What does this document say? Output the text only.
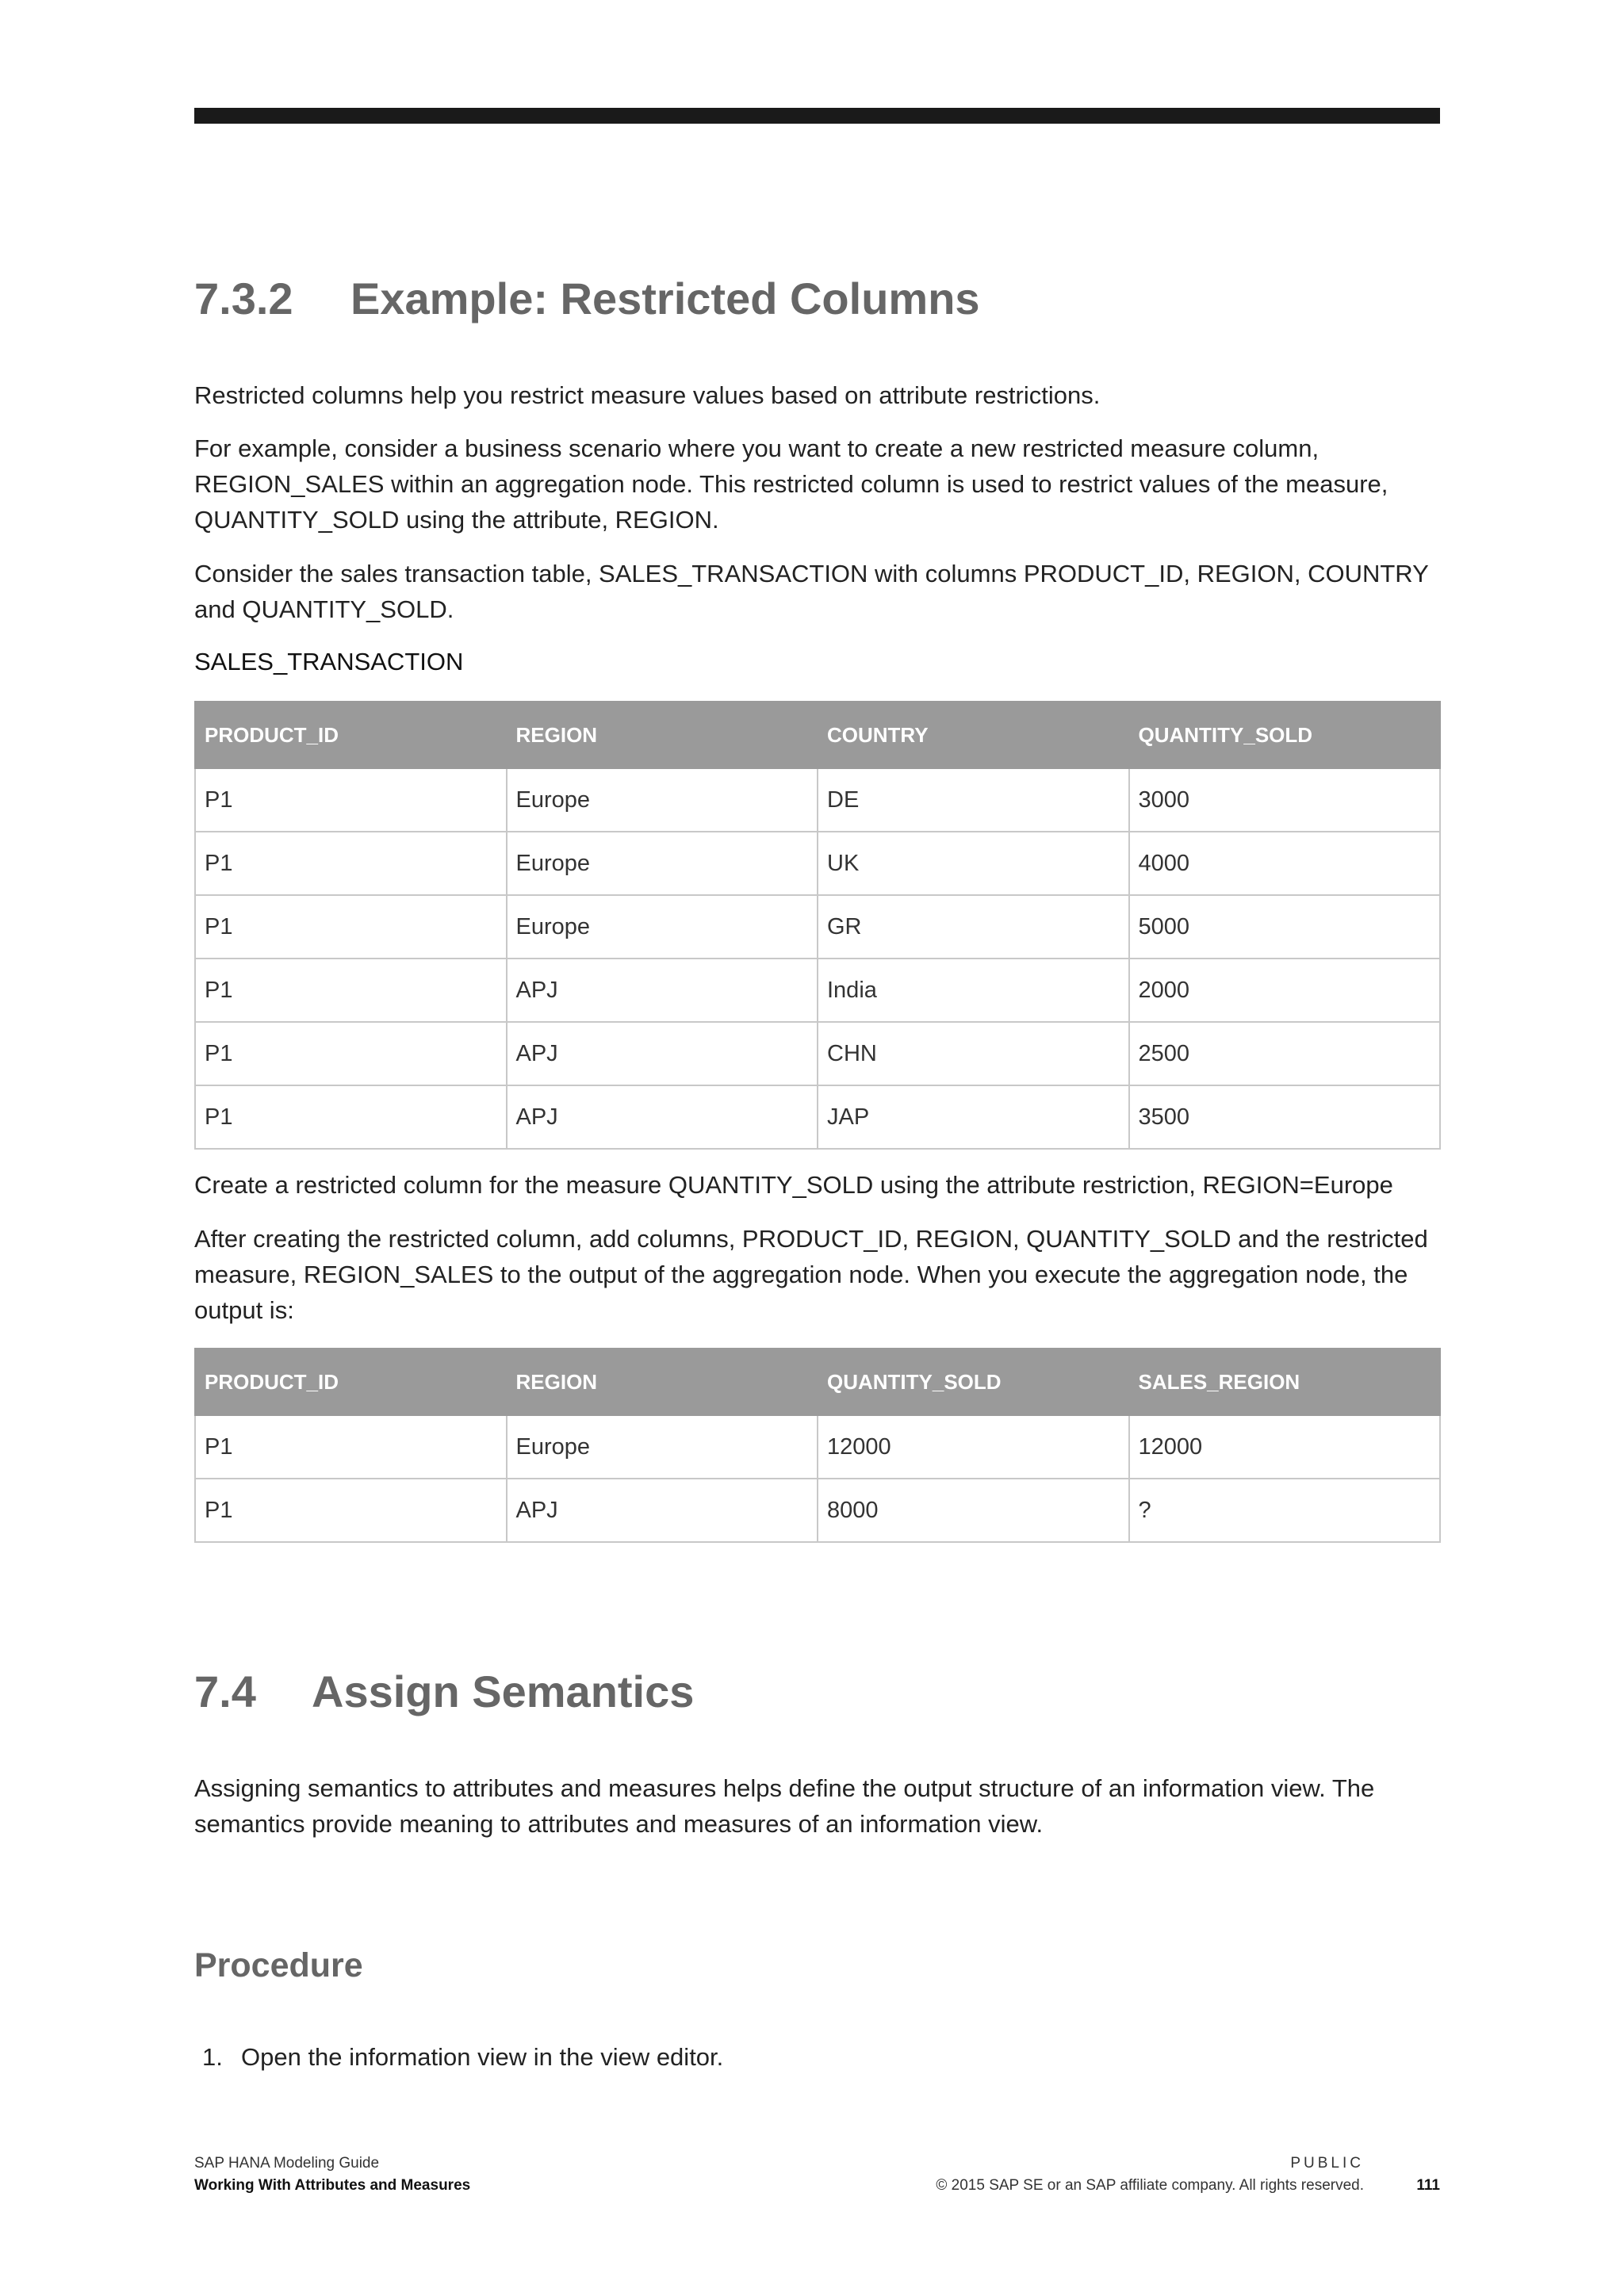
7.3.2 Example: Restricted Columns

Restricted columns help you restrict measure values based on attribute restrictions.

For example, consider a business scenario where you want to create a new restricted measure column, REGION_SALES within an aggregation node. This restricted column is used to restrict values of the measure, QUANTITY_SOLD using the attribute, REGION.

Consider the sales transaction table, SALES_TRANSACTION with columns PRODUCT_ID, REGION, COUNTRY and QUANTITY_SOLD.

SALES_TRANSACTION
PRODUCT_ID	REGION	COUNTRY	QUANTITY_SOLD
P1	Europe	DE	3000
P1	Europe	UK	4000
P1	Europe	GR	5000
P1	APJ	India	2000
P1	APJ	CHN	2500
P1	APJ	JAP	3500

Create a restricted column for the measure QUANTITY_SOLD using the attribute restriction, REGION=Europe

After creating the restricted column, add columns, PRODUCT_ID, REGION, QUANTITY_SOLD and the restricted measure, REGION_SALES to the output of the aggregation node. When you execute the aggregation node, the output is:

PRODUCT_ID	REGION	QUANTITY_SOLD	SALES_REGION
P1	Europe	12000	12000
P1	APJ	8000	?
7.4 Assign Semantics

Assigning semantics to attributes and measures helps define the output structure of an information view. The semantics provide meaning to attributes and measures of an information view.

Procedure
1. Open the information view in the view editor.
SAP HANA Modeling Guide
Working With Attributes and Measures
PUBLIC
© 2015 SAP SE or an SAP affiliate company. All rights reserved.	111
